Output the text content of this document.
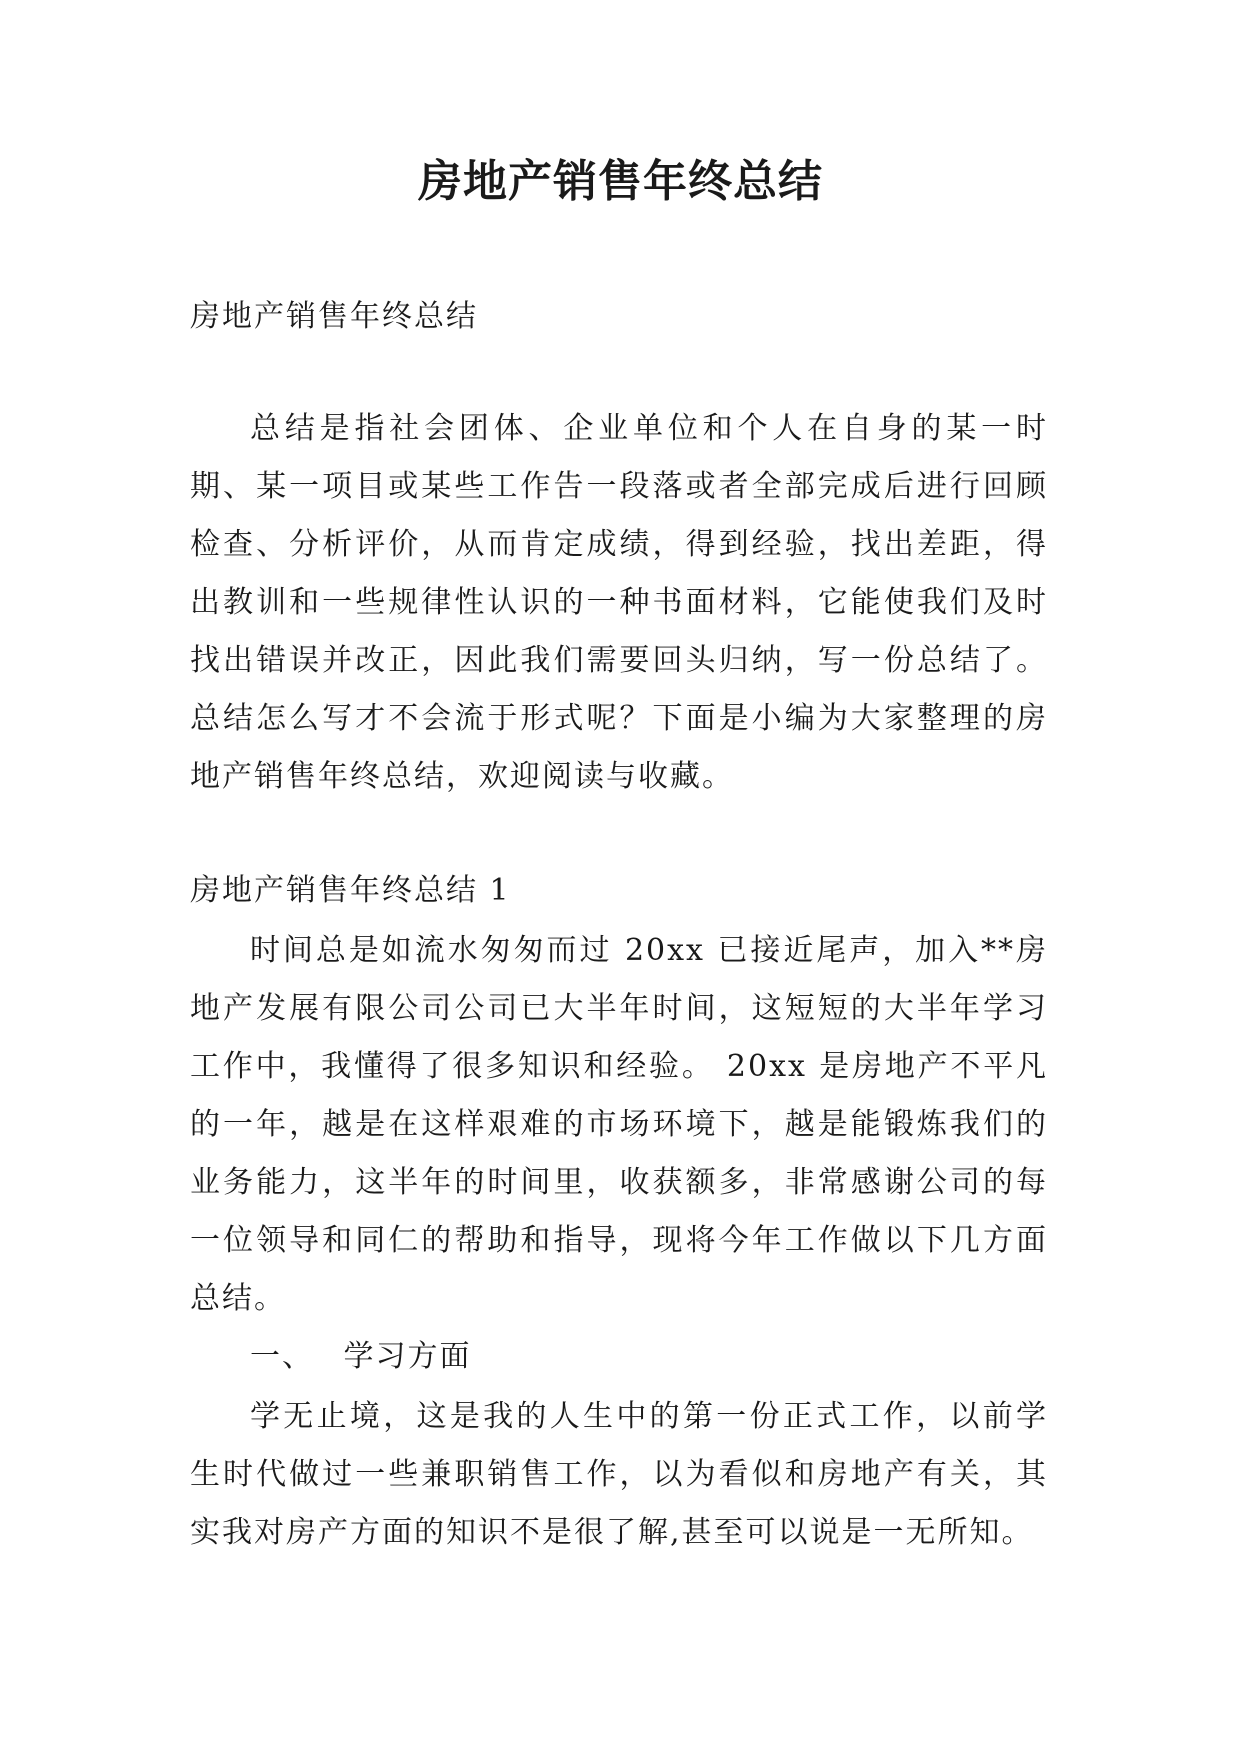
房地产销售年终总结
房地产销售年终总结
总结是指社会团体、企业单位和个人在自身的某一时期、某一项目或某些工作告一段落或者全部完成后进行回顾检查、分析评价，从而肯定成绩，得到经验，找出差距，得出教训和一些规律性认识的一种书面材料，它能使我们及时找出错误并改正，因此我们需要回头归纳，写一份总结了。总结怎么写才不会流于形式呢？下面是小编为大家整理的房地产销售年终总结，欢迎阅读与收藏。
房地产销售年终总结 1
时间总是如流水匆匆而过 20xx 已接近尾声，加入**房地产发展有限公司公司已大半年时间，这短短的大半年学习工作中，我懂得了很多知识和经验。 20xx 是房地产不平凡的一年，越是在这样艰难的市场环境下，越是能锻炼我们的业务能力，这半年的时间里，收获额多，非常感谢公司的每一位领导和同仁的帮助和指导，现将今年工作做以下几方面总结。
一、 学习方面
学无止境，这是我的人生中的第一份正式工作，以前学生时代做过一些兼职销售工作，以为看似和房地产有关，其实我对房产方面的知识不是很了解,甚至可以说是一无所知。
